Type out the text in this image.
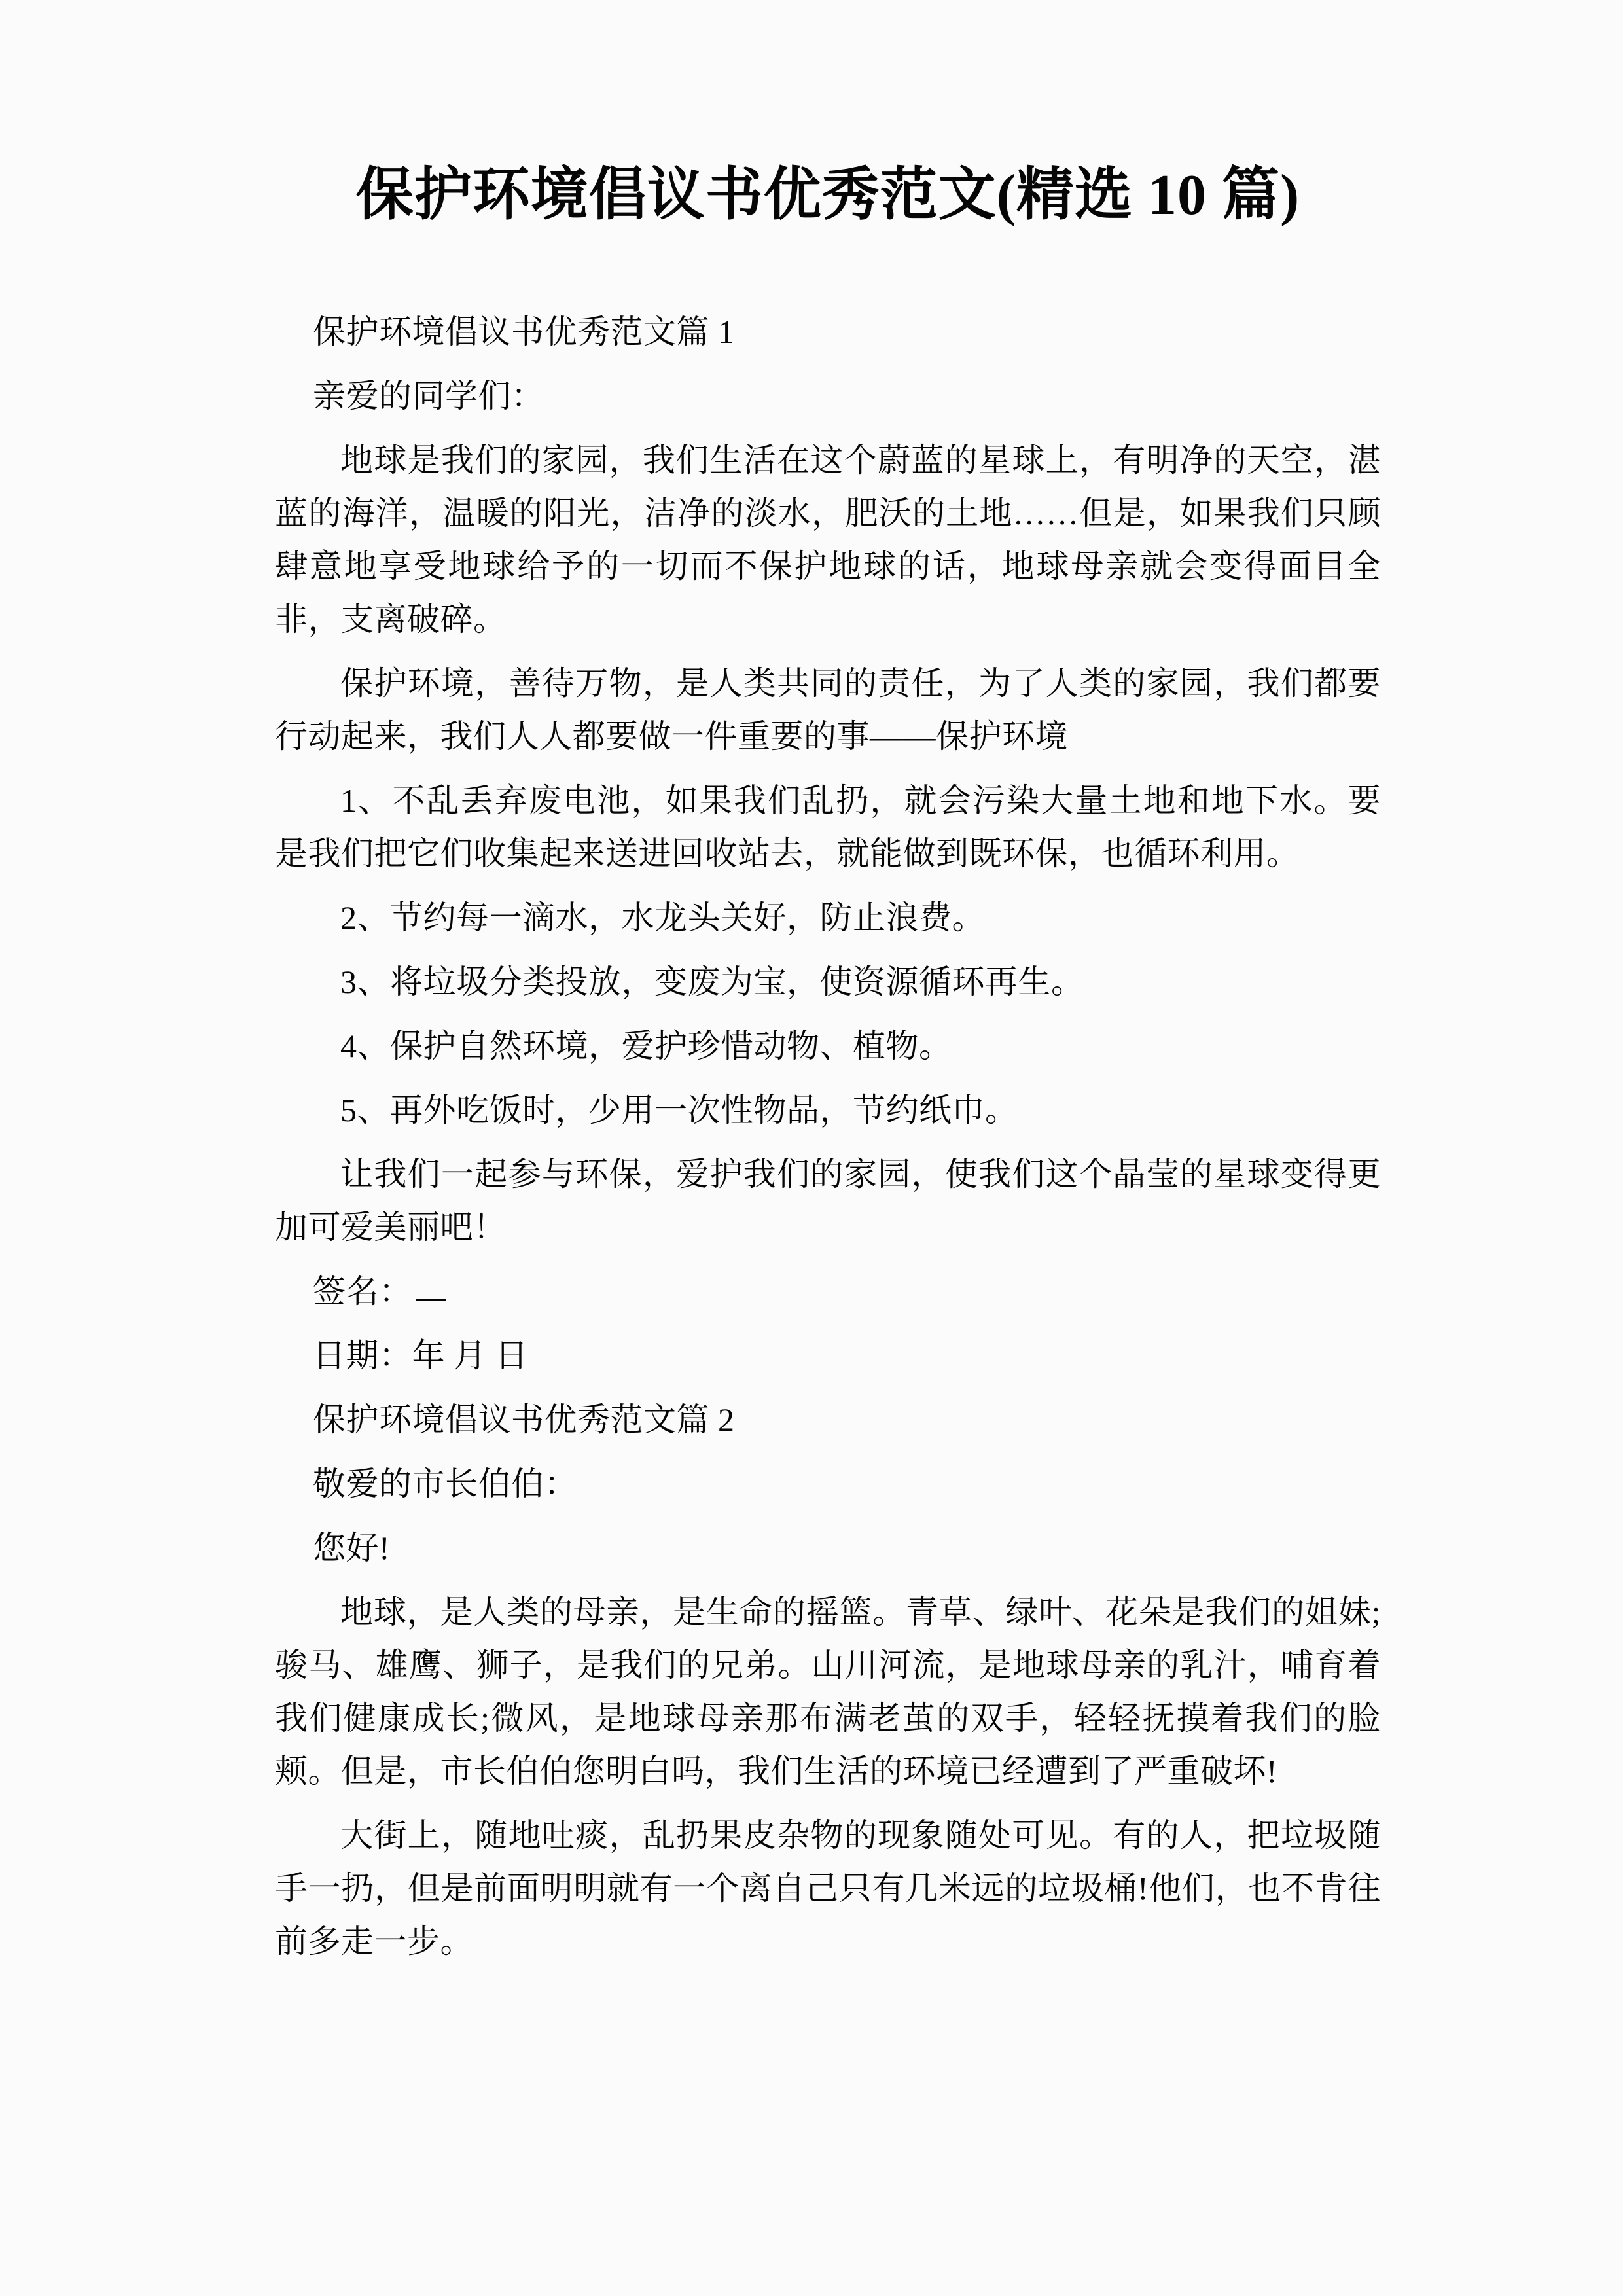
保护环境倡议书优秀范文(精选 10 篇)

保护环境倡议书优秀范文篇 1

亲爱的同学们：

地球是我们的家园，我们生活在这个蔚蓝的星球上，有明净的天空，湛蓝的海洋，温暖的阳光，洁净的淡水，肥沃的土地……但是，如果我们只顾肆意地享受地球给予的一切而不保护地球的话，地球母亲就会变得面目全非，支离破碎。

保护环境，善待万物，是人类共同的责任，为了人类的家园，我们都要行动起来，我们人人都要做一件重要的事——保护环境

1、不乱丢弃废电池，如果我们乱扔，就会污染大量土地和地下水。要是我们把它们收集起来送进回收站去，就能做到既环保，也循环利用。

2、节约每一滴水，水龙头关好，防止浪费。

3、将垃圾分类投放，变废为宝，使资源循环再生。

4、保护自然环境，爱护珍惜动物、植物。

5、再外吃饭时，少用一次性物品，节约纸巾。

让我们一起参与环保，爱护我们的家园，使我们这个晶莹的星球变得更加可爱美丽吧！

签名：

日期：年 月 日

保护环境倡议书优秀范文篇 2

敬爱的市长伯伯：

您好!

地球，是人类的母亲，是生命的摇篮。青草、绿叶、花朵是我们的姐妹;骏马、雄鹰、狮子，是我们的兄弟。山川河流，是地球母亲的乳汁，哺育着我们健康成长;微风，是地球母亲那布满老茧的双手，轻轻抚摸着我们的脸颊。但是，市长伯伯您明白吗，我们生活的环境已经遭到了严重破坏!

大街上，随地吐痰，乱扔果皮杂物的现象随处可见。有的人，把垃圾随手一扔，但是前面明明就有一个离自己只有几米远的垃圾桶!他们，也不肯往前多走一步。
